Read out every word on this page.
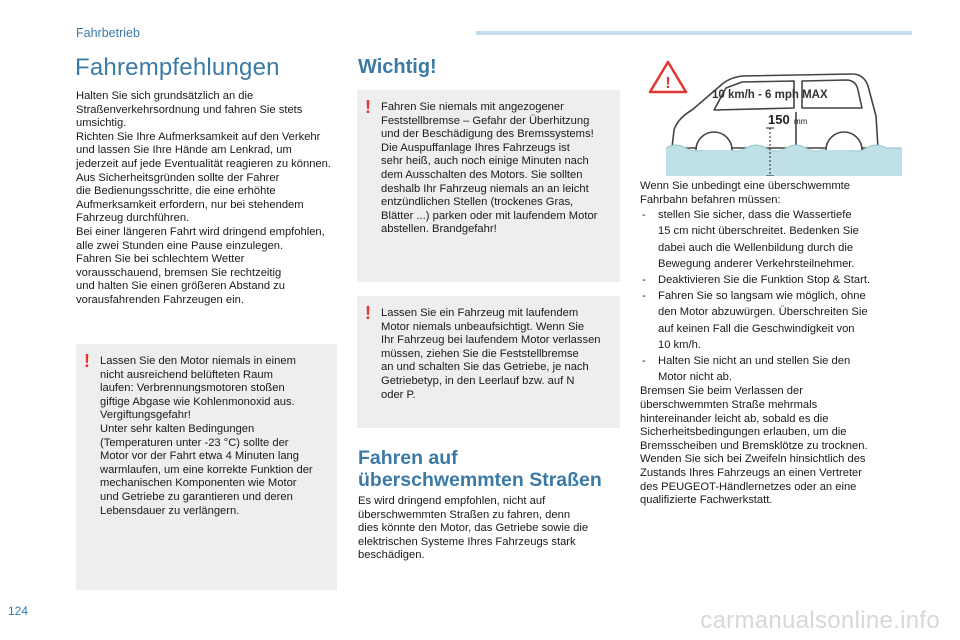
Fahrbetrieb
Fahrempfehlungen

Halten Sie sich grundsätzlich an die
Straßenverkehrsordnung und fahren Sie stets
umsichtig.
Richten Sie Ihre Aufmerksamkeit auf den Verkehr
und lassen Sie Ihre Hände am Lenkrad, um
jederzeit auf jede Eventualität reagieren zu können.
Aus Sicherheitsgründen sollte der Fahrer
die Bedienungsschritte, die eine erhöhte
Aufmerksamkeit erfordern, nur bei stehendem
Fahrzeug durchführen.
Bei einer längeren Fahrt wird dringend empfohlen,
alle zwei Stunden eine Pause einzulegen.
Fahren Sie bei schlechtem Wetter
vorausschauend, bremsen Sie rechtzeitig
und halten Sie einen größeren Abstand zu
vorausfahrenden Fahrzeugen ein.

! Lassen Sie den Motor niemals in einem
nicht ausreichend belüfteten Raum
laufen: Verbrennungsmotoren stoßen
giftige Abgase wie Kohlenmonoxid aus.
Vergiftungsgefahr!
Unter sehr kalten Bedingungen
(Temperaturen unter -23 °C) sollte der
Motor vor der Fahrt etwa 4 Minuten lang
warmlaufen, um eine korrekte Funktion der
mechanischen Komponenten wie Motor
und Getriebe zu garantieren und deren
Lebensdauer zu verlängern.

Wichtig!
! Fahren Sie niemals mit angezogener
Feststellbremse – Gefahr der Überhitzung
und der Beschädigung des Bremssystems!
Die Auspuffanlage Ihres Fahrzeugs ist
sehr heiß, auch noch einige Minuten nach
dem Ausschalten des Motors. Sie sollten
deshalb Ihr Fahrzeug niemals an an leicht
entzündlichen Stellen (trockenes Gras,
Blätter ...) parken oder mit laufendem Motor
abstellen. Brandgefahr!

! Lassen Sie ein Fahrzeug mit laufendem
Motor niemals unbeaufsichtigt. Wenn Sie
Ihr Fahrzeug bei laufendem Motor verlassen
müssen, ziehen Sie die Feststellbremse
an und schalten Sie das Getriebe, je nach
Getriebetyp, in den Leerlauf bzw. auf N
oder P.

Fahren auf
überschwemmten Straßen

Es wird dringend empfohlen, nicht auf
überschwemmten Straßen zu fahren, denn
dies könnte den Motor, das Getriebe sowie die
elektrischen Systeme Ihres Fahrzeugs stark
beschädigen.

!
150 mm
10 km/h - 6 mph MAX

Wenn Sie unbedingt eine überschwemmte
Fahrbahn befahren müssen:

- stellen Sie sicher, dass die Wassertiefe
15 cm nicht überschreitet. Bedenken Sie
dabei auch die Wellenbildung durch die
Bewegung anderer Verkehrsteilnehmer.
- Deaktivieren Sie die Funktion Stop & Start.
- Fahren Sie so langsam wie möglich, ohne
den Motor abzuwürgen. Überschreiten Sie
auf keinen Fall die Geschwindigkeit von
10 km/h.
- Halten Sie nicht an und stellen Sie den
Motor nicht ab.

Bremsen Sie beim Verlassen der
überschwemmten Straße mehrmals
hintereinander leicht ab, sobald es die
Sicherheitsbedingungen erlauben, um die
Bremsscheiben und Bremsklötze zu trocknen.
Wenden Sie sich bei Zweifeln hinsichtlich des
Zustands Ihres Fahrzeugs an einen Vertreter
des PEUGEOT-Händlernetzes oder an eine
qualifizierte Fachwerkstatt.

124	carmanualsonline.info
